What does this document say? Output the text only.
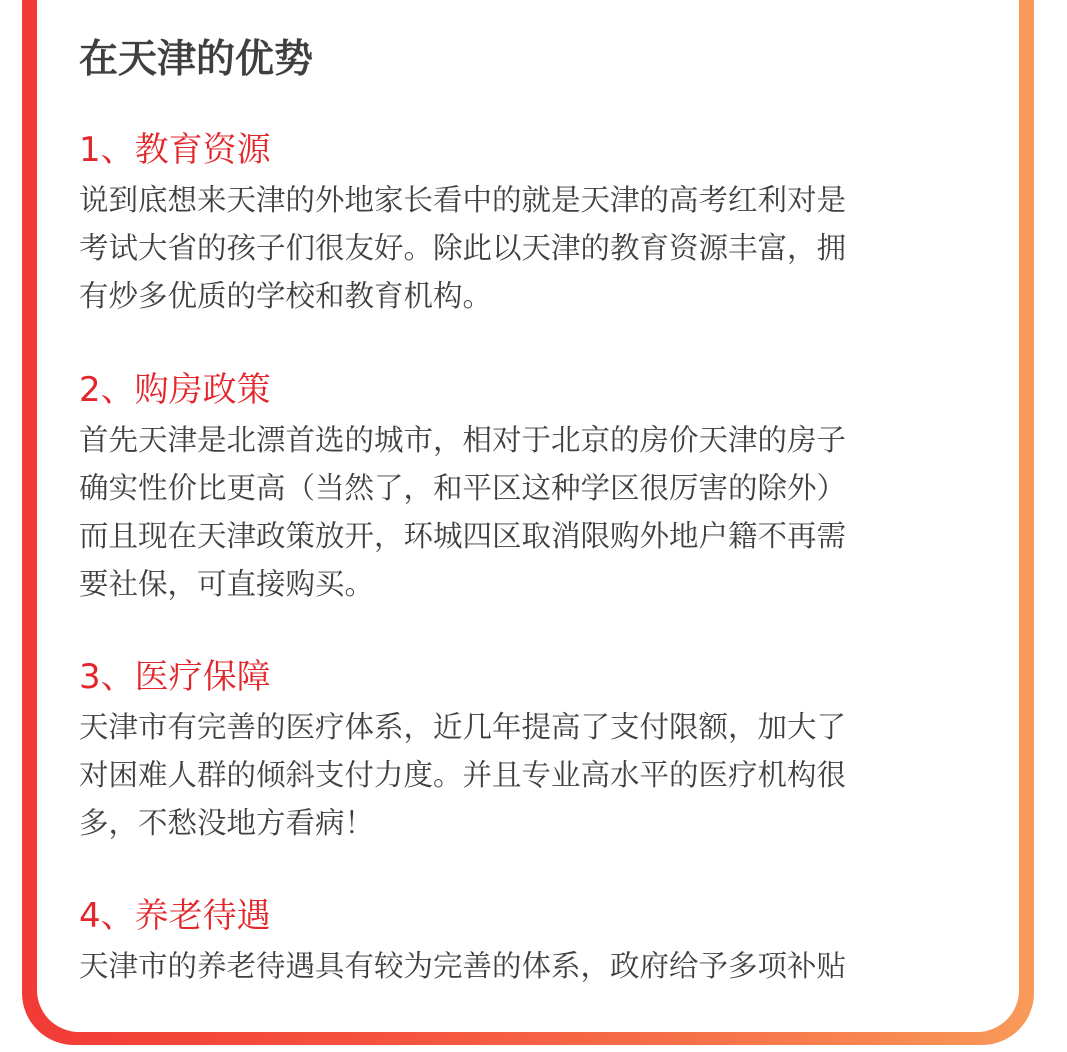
在天津的优势
1、教育资源
说到底想来天津的外地家长看中的就是天津的高考红利对是
考试大省的孩子们很友好。除此以天津的教育资源丰富，拥
有炒多优质的学校和教育机构。
2、购房政策
首先天津是北漂首选的城市，相对于北京的房价天津的房子
确实性价比更高（当然了，和平区这种学区很厉害的除外）
而且现在天津政策放开，环城四区取消限购外地户籍不再需
要社保，可直接购买。
3、医疗保障
天津市有完善的医疗体系，近几年提高了支付限额，加大了
对困难人群的倾斜支付力度。并且专业高水平的医疗机构很
多，不愁没地方看病！
4、养老待遇
天津市的养老待遇具有较为完善的体系，政府给予多项补贴
